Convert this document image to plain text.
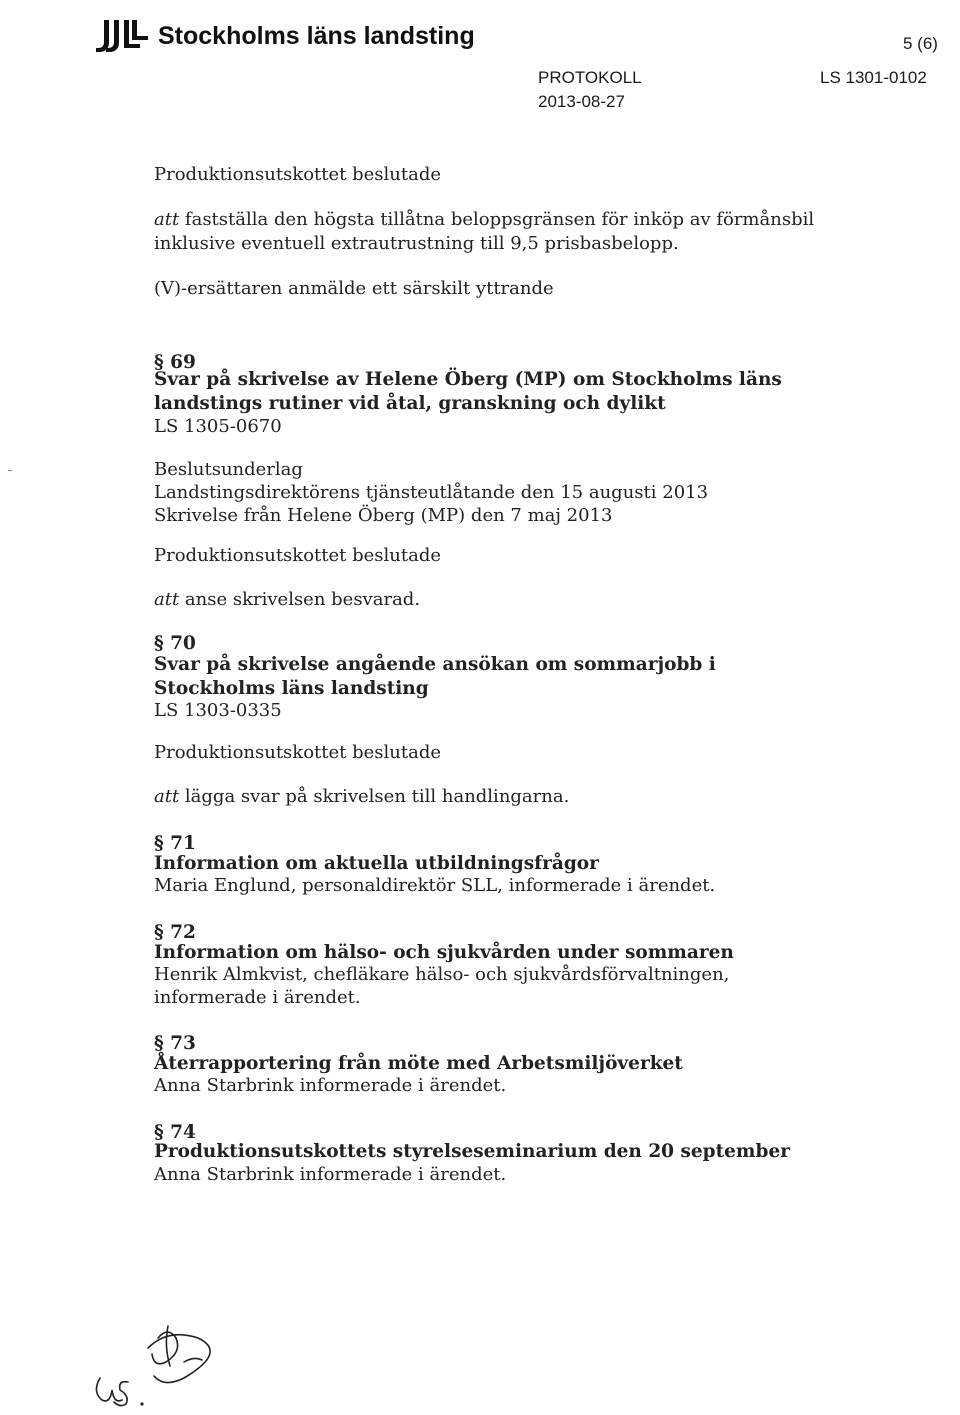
Stockholms läns landsting	5 (6)
PROTOKOLL	LS 1301-0102
2013-08-27
Produktionsutskottet beslutade
att fastställa den högsta tillåtna beloppsgränsen för inköp av förmånsbil
inklusive eventuell extrautrustning till 9,5 prisbasbelopp.
(V)-ersättaren anmälde ett särskilt yttrande
§ 69
Svar på skrivelse av Helene Öberg (MP) om Stockholms läns
landstings rutiner vid åtal, granskning och dylikt
LS 1305-0670
Beslutsunderlag
Landstingsdirektörens tjänsteutlåtande den 15 augusti 2013
Skrivelse från Helene Öberg (MP) den 7 maj 2013
Produktionsutskottet beslutade
att anse skrivelsen besvarad.
§ 70
Svar på skrivelse angående ansökan om sommarjobb i
Stockholms läns landsting
LS 1303-0335
Produktionsutskottet beslutade
att lägga svar på skrivelsen till handlingarna.
§ 71
Information om aktuella utbildningsfrågor
Maria Englund, personaldirektör SLL, informerade i ärendet.
§ 72
Information om hälso- och sjukvården under sommaren
Henrik Almkvist, chefläkare hälso- och sjukvårdsförvaltningen,
informerade i ärendet.
§ 73
Återrapportering från möte med Arbetsmiljöverket
Anna Starbrink informerade i ärendet.
§ 74
Produktionsutskottets styrelseseminarium den 20 september
Anna Starbrink informerade i ärendet.
